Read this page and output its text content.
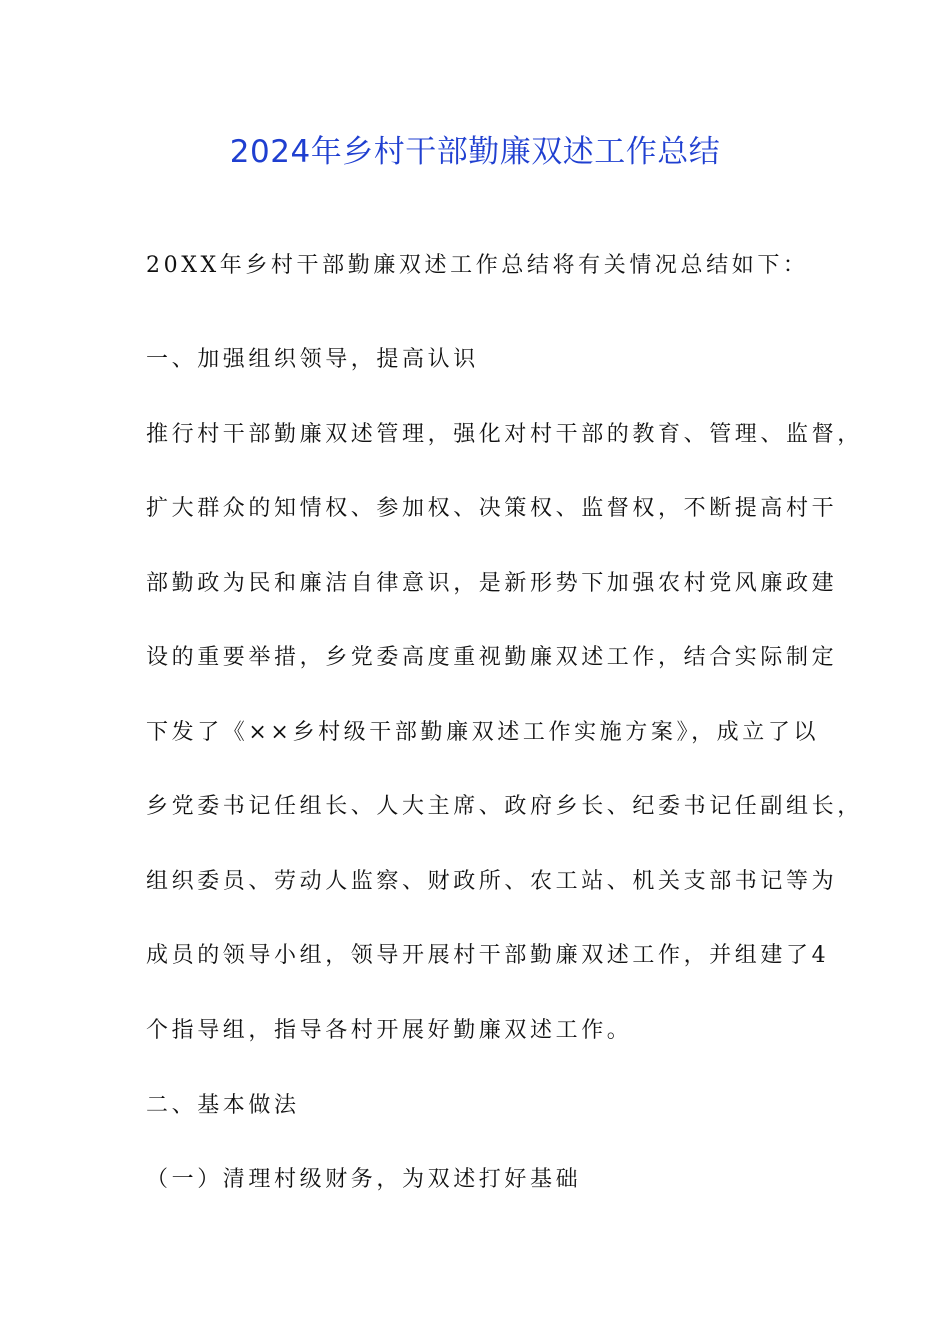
2024年乡村干部勤廉双述工作总结

20XX年乡村干部勤廉双述工作总结将有关情况总结如下：

一、加强组织领导，提高认识

推行村干部勤廉双述管理，强化对村干部的教育、管理、监督，

扩大群众的知情权、参加权、决策权、监督权，不断提高村干

部勤政为民和廉洁自律意识，是新形势下加强农村党风廉政建

设的重要举措，乡党委高度重视勤廉双述工作，结合实际制定

下发了《××乡村级干部勤廉双述工作实施方案》，成立了以

乡党委书记任组长、人大主席、政府乡长、纪委书记任副组长，

组织委员、劳动人监察、财政所、农工站、机关支部书记等为

成员的领导小组，领导开展村干部勤廉双述工作，并组建了4

个指导组，指导各村开展好勤廉双述工作。

二、基本做法

（一）清理村级财务，为双述打好基础
